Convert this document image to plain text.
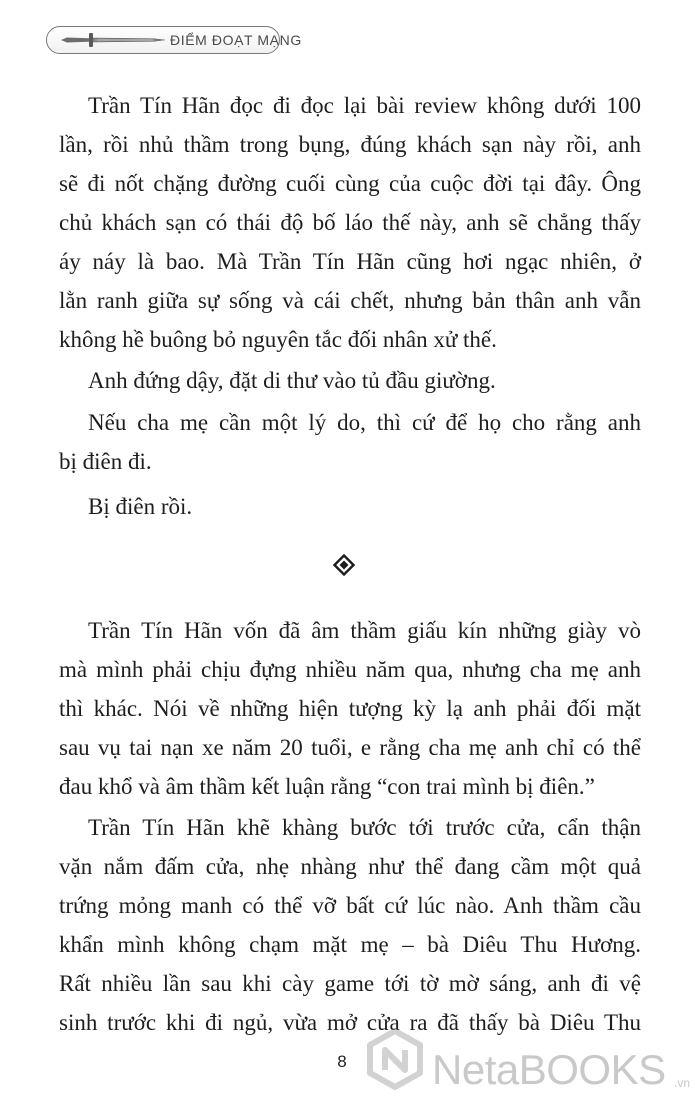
ĐIỂM ĐOẠT MẠNG
Trần Tín Hãn đọc đi đọc lại bài review không dưới 100
lần, rồi nhủ thầm trong bụng, đúng khách sạn này rồi, anh
sẽ đi nốt chặng đường cuối cùng của cuộc đời tại đây. Ông
chủ khách sạn có thái độ bố láo thế này, anh sẽ chẳng thấy
áy náy là bao. Mà Trần Tín Hãn cũng hơi ngạc nhiên, ở
lằn ranh giữa sự sống và cái chết, nhưng bản thân anh vẫn
không hề buông bỏ nguyên tắc đối nhân xử thế.
Anh đứng dậy, đặt di thư vào tủ đầu giường.
Nếu cha mẹ cần một lý do, thì cứ để họ cho rằng anh
bị điên đi.
Bị điên rồi.
Trần Tín Hãn vốn đã âm thầm giấu kín những giày vò
mà mình phải chịu đựng nhiều năm qua, nhưng cha mẹ anh
thì khác. Nói về những hiện tượng kỳ lạ anh phải đối mặt
sau vụ tai nạn xe năm 20 tuổi, e rằng cha mẹ anh chỉ có thể
đau khổ và âm thầm kết luận rằng “con trai mình bị điên.”
Trần Tín Hãn khẽ khàng bước tới trước cửa, cẩn thận
vặn nắm đấm cửa, nhẹ nhàng như thể đang cầm một quả
trứng mỏng manh có thể vỡ bất cứ lúc nào. Anh thầm cầu
khẩn mình không chạm mặt mẹ – bà Diêu Thu Hương.
Rất nhiều lần sau khi cày game tới tờ mờ sáng, anh đi vệ
sinh trước khi đi ngủ, vừa mở cửa ra đã thấy bà Diêu Thu
8	NetaBOOKS .vn
